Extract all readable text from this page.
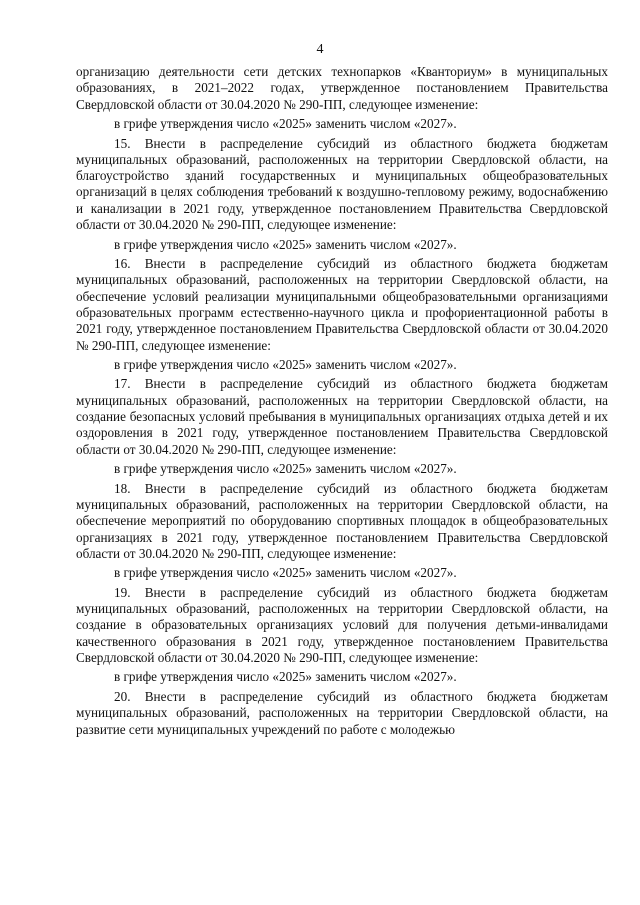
4

организацию деятельности сети детских технопарков «Кванториум» в муниципальных образованиях, в 2021–2022 годах, утвержденное постановлением Правительства Свердловской области от 30.04.2020 № 290-ПП, следующее изменение:

в грифе утверждения число «2025» заменить числом «2027».

15. Внести в распределение субсидий из областного бюджета бюджетам муниципальных образований, расположенных на территории Свердловской области, на благоустройство зданий государственных и муниципальных общеобразовательных организаций в целях соблюдения требований к воздушно-тепловому режиму, водоснабжению и канализации в 2021 году, утвержденное постановлением Правительства Свердловской области от 30.04.2020 № 290-ПП, следующее изменение:

в грифе утверждения число «2025» заменить числом «2027».

16. Внести в распределение субсидий из областного бюджета бюджетам муниципальных образований, расположенных на территории Свердловской области, на обеспечение условий реализации муниципальными общеобразовательными организациями образовательных программ естественно-научного цикла и профориентационной работы в 2021 году, утвержденное постановлением Правительства Свердловской области от 30.04.2020 № 290-ПП, следующее изменение:

в грифе утверждения число «2025» заменить числом «2027».

17. Внести в распределение субсидий из областного бюджета бюджетам муниципальных образований, расположенных на территории Свердловской области, на создание безопасных условий пребывания в муниципальных организациях отдыха детей и их оздоровления в 2021 году, утвержденное постановлением Правительства Свердловской области от 30.04.2020 № 290-ПП, следующее изменение:

в грифе утверждения число «2025» заменить числом «2027».

18. Внести в распределение субсидий из областного бюджета бюджетам муниципальных образований, расположенных на территории Свердловской области, на обеспечение мероприятий по оборудованию спортивных площадок в общеобразовательных организациях в 2021 году, утвержденное постановлением Правительства Свердловской области от 30.04.2020 № 290-ПП, следующее изменение:

в грифе утверждения число «2025» заменить числом «2027».

19. Внести в распределение субсидий из областного бюджета бюджетам муниципальных образований, расположенных на территории Свердловской области, на создание в образовательных организациях условий для получения детьми-инвалидами качественного образования в 2021 году, утвержденное постановлением Правительства Свердловской области от 30.04.2020 № 290-ПП, следующее изменение:

в грифе утверждения число «2025» заменить числом «2027».

20. Внести в распределение субсидий из областного бюджета бюджетам муниципальных образований, расположенных на территории Свердловской области, на развитие сети муниципальных учреждений по работе с молодежью
